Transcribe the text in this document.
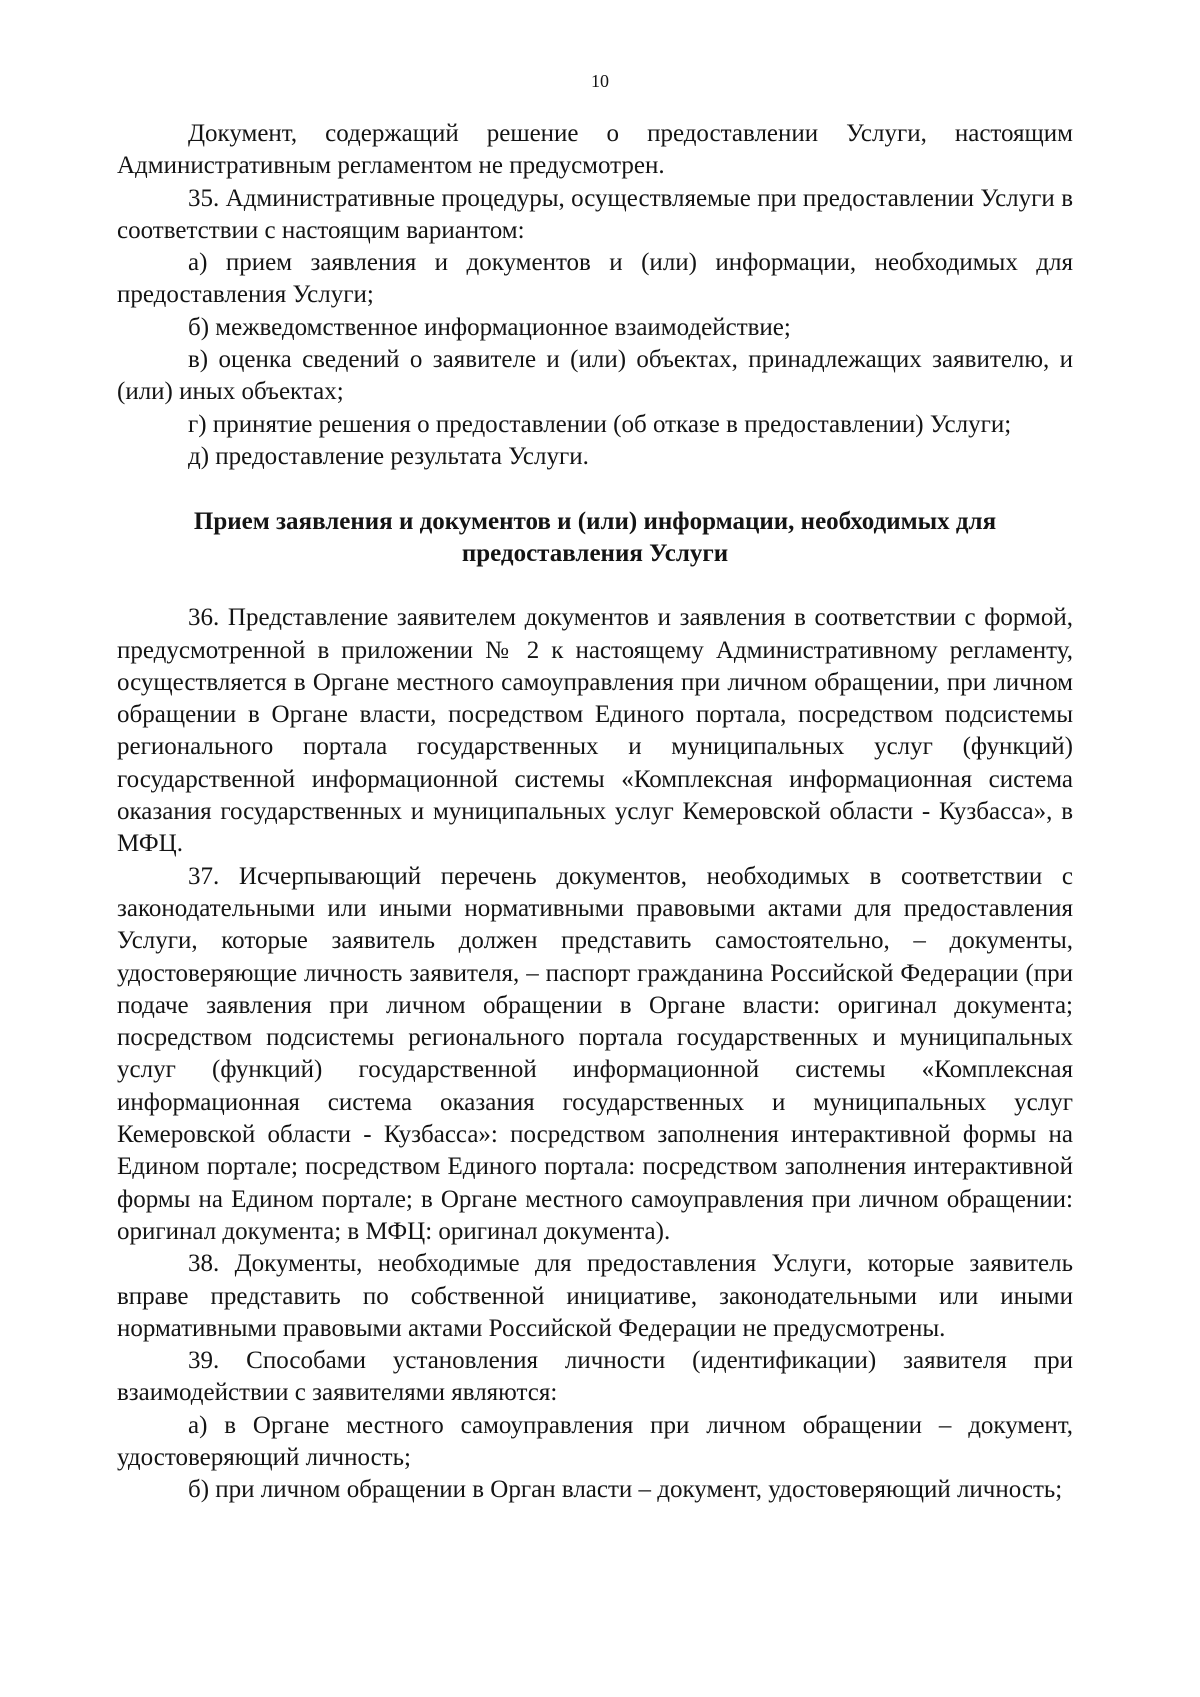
10

Документ, содержащий решение о предоставлении Услуги, настоящим Административным регламентом не предусмотрен.

35. Административные процедуры, осуществляемые при предоставлении Услуги в соответствии с настоящим вариантом:

а) прием заявления и документов и (или) информации, необходимых для предоставления Услуги;

б) межведомственное информационное взаимодействие;

в) оценка сведений о заявителе и (или) объектах, принадлежащих заявителю, и (или) иных объектах;

г) принятие решения о предоставлении (об отказе в предоставлении) Услуги;

д) предоставление результата Услуги.

Прием заявления и документов и (или) информации, необходимых для
предоставления Услуги

36. Представление заявителем документов и заявления в соответствии с формой, предусмотренной в приложении № 2 к настоящему Административному регламенту, осуществляется в Органе местного самоуправления при личном обращении, при личном обращении в Органе власти, посредством Единого портала, посредством подсистемы регионального портала государственных и муниципальных услуг (функций) государственной информационной системы «Комплексная информационная система оказания государственных и муниципальных услуг Кемеровской области - Кузбасса», в МФЦ.

37. Исчерпывающий перечень документов, необходимых в соответствии с законодательными или иными нормативными правовыми актами для предоставления Услуги, которые заявитель должен представить самостоятельно, – документы, удостоверяющие личность заявителя, – паспорт гражданина Российской Федерации (при подаче заявления при личном обращении в Органе власти: оригинал документа; посредством подсистемы регионального портала государственных и муниципальных услуг (функций) государственной информационной системы «Комплексная информационная система оказания государственных и муниципальных услуг Кемеровской области - Кузбасса»: посредством заполнения интерактивной формы на Едином портале; посредством Единого портала: посредством заполнения интерактивной формы на Едином портале; в Органе местного самоуправления при личном обращении: оригинал документа; в МФЦ: оригинал документа).

38. Документы, необходимые для предоставления Услуги, которые заявитель вправе представить по собственной инициативе, законодательными или иными нормативными правовыми актами Российской Федерации не предусмотрены.

39. Способами установления личности (идентификации) заявителя при взаимодействии с заявителями являются:

а) в Органе местного самоуправления при личном обращении – документ, удостоверяющий личность;

б) при личном обращении в Орган власти – документ, удостоверяющий личность;
